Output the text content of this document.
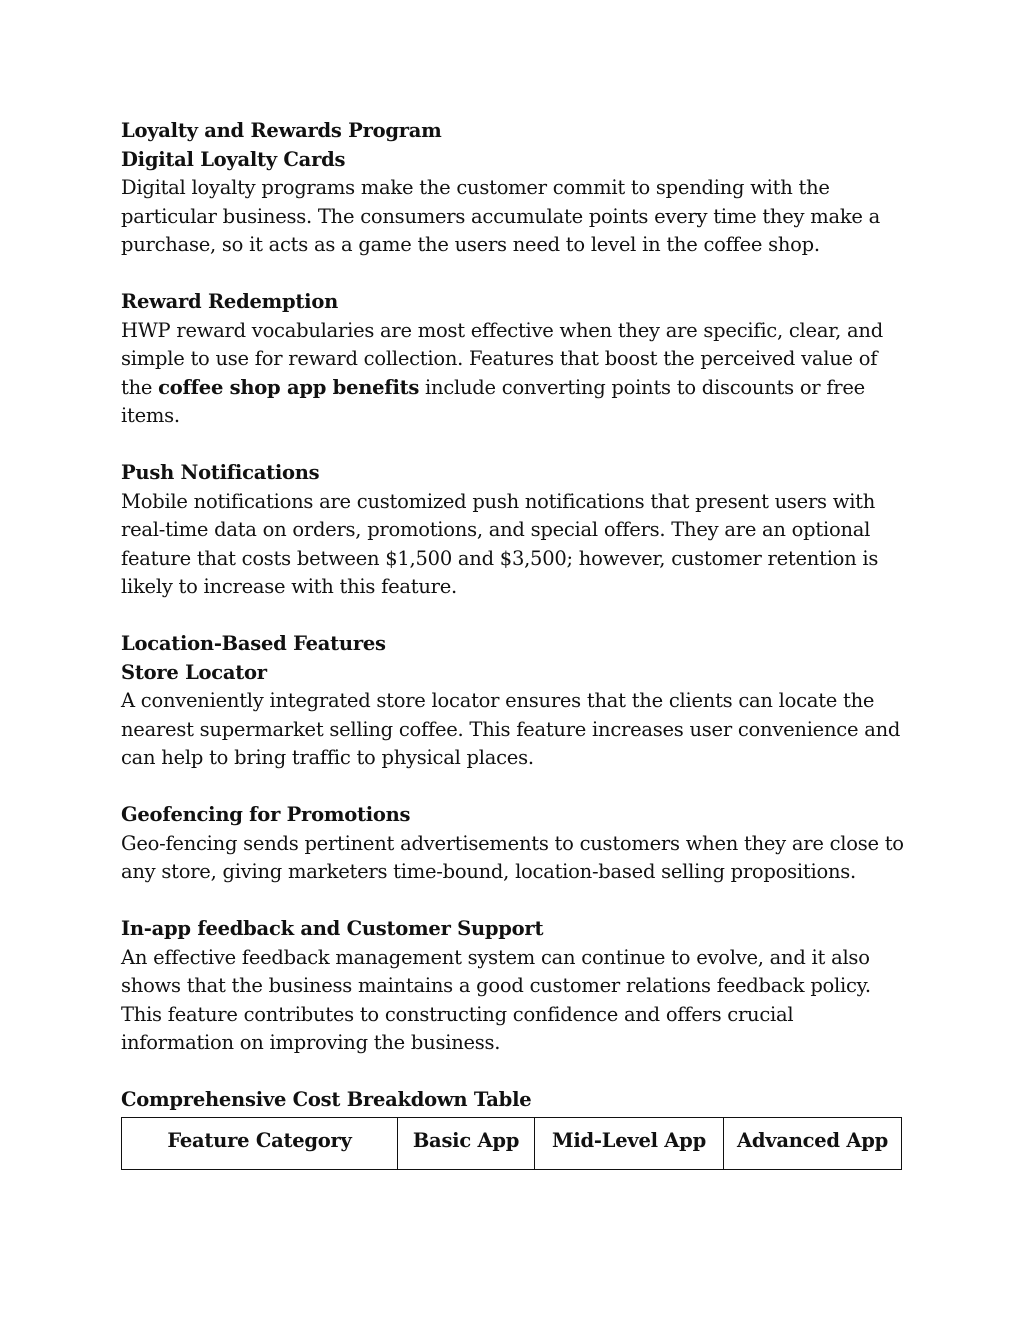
Loyalty and Rewards Program

Digital Loyalty Cards

Digital loyalty programs make the customer commit to spending with the particular business. The consumers accumulate points every time they make a purchase, so it acts as a game the users need to level in the coffee shop.

Reward Redemption

HWP reward vocabularies are most effective when they are specific, clear, and simple to use for reward collection. Features that boost the perceived value of the coffee shop app benefits include converting points to discounts or free items.

Push Notifications

Mobile notifications are customized push notifications that present users with real-time data on orders, promotions, and special offers. They are an optional feature that costs between $1,500 and $3,500; however, customer retention is likely to increase with this feature.

Location-Based Features

Store Locator

A conveniently integrated store locator ensures that the clients can locate the nearest supermarket selling coffee. This feature increases user convenience and can help to bring traffic to physical places.

Geofencing for Promotions

Geo-fencing sends pertinent advertisements to customers when they are close to any store, giving marketers time-bound, location-based selling propositions.

In-app feedback and Customer Support

An effective feedback management system can continue to evolve, and it also shows that the business maintains a good customer relations feedback policy. This feature contributes to constructing confidence and offers crucial information on improving the business.

Comprehensive Cost Breakdown Table

Feature Category	Basic App	Mid-Level App	Advanced App
